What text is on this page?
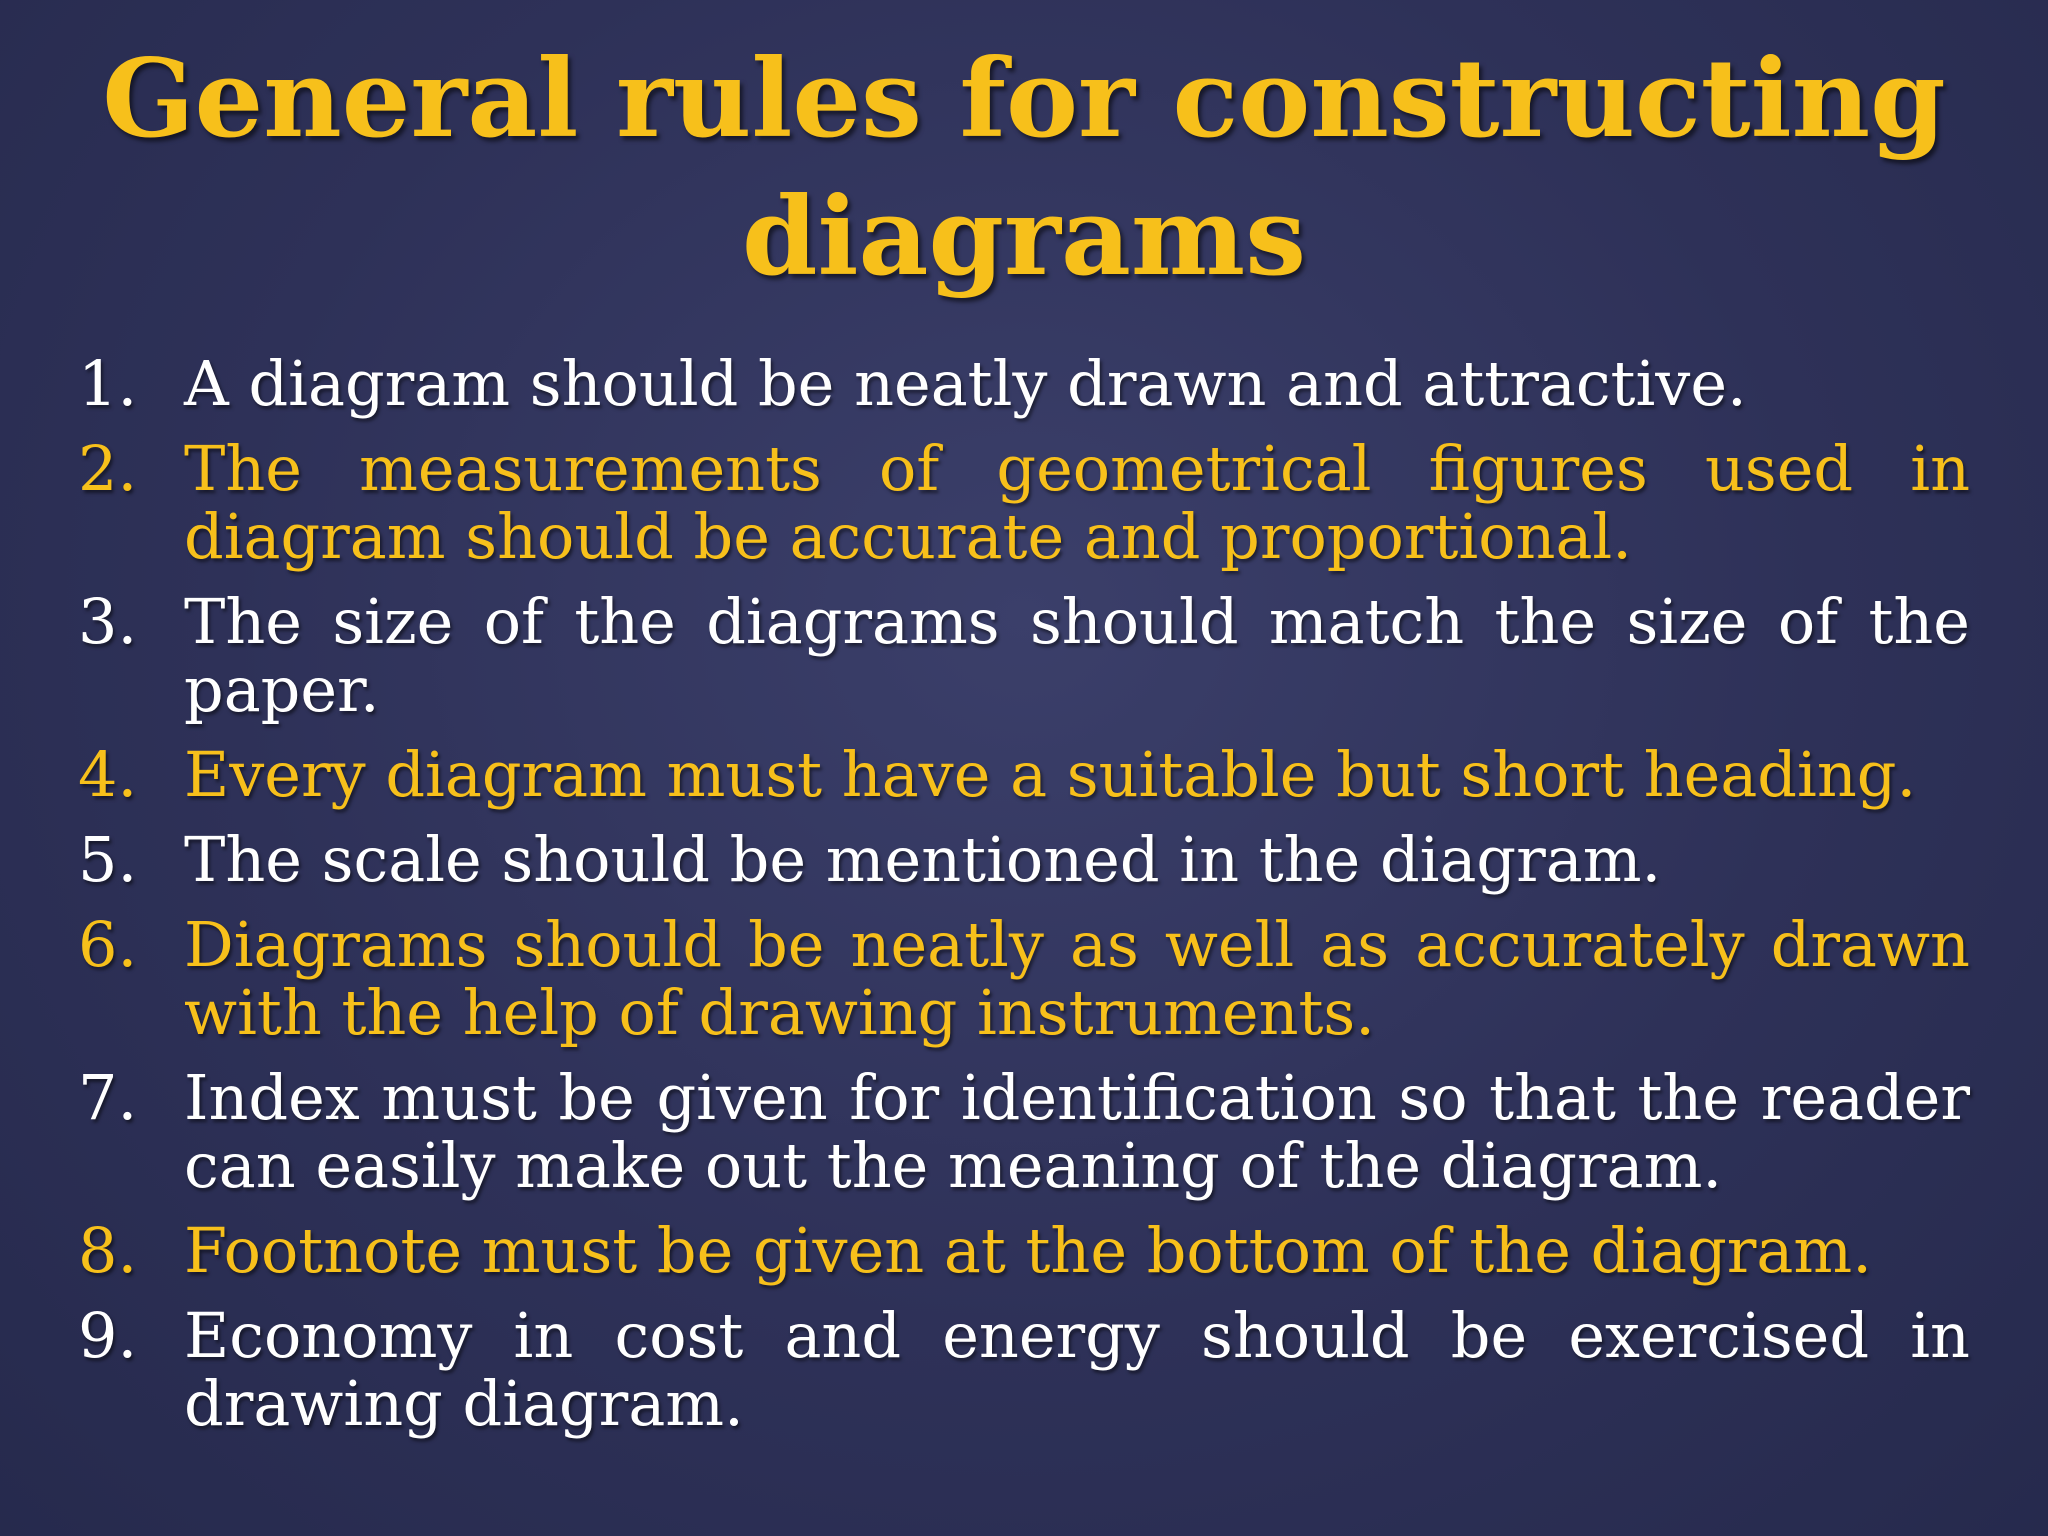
General rules for constructing
diagrams
1. A diagram should be neatly drawn and attractive.
2. The measurements of geometrical figures used in diagram should be accurate and proportional.
3. The size of the diagrams should match the size of the paper.
4. Every diagram must have a suitable but short heading.
5. The scale should be mentioned in the diagram.
6. Diagrams should be neatly as well as accurately drawn with the help of drawing instruments.
7. Index must be given for identification so that the reader can easily make out the meaning of the diagram.
8. Footnote must be given at the bottom of the diagram.
9. Economy in cost and energy should be exercised in drawing diagram.
